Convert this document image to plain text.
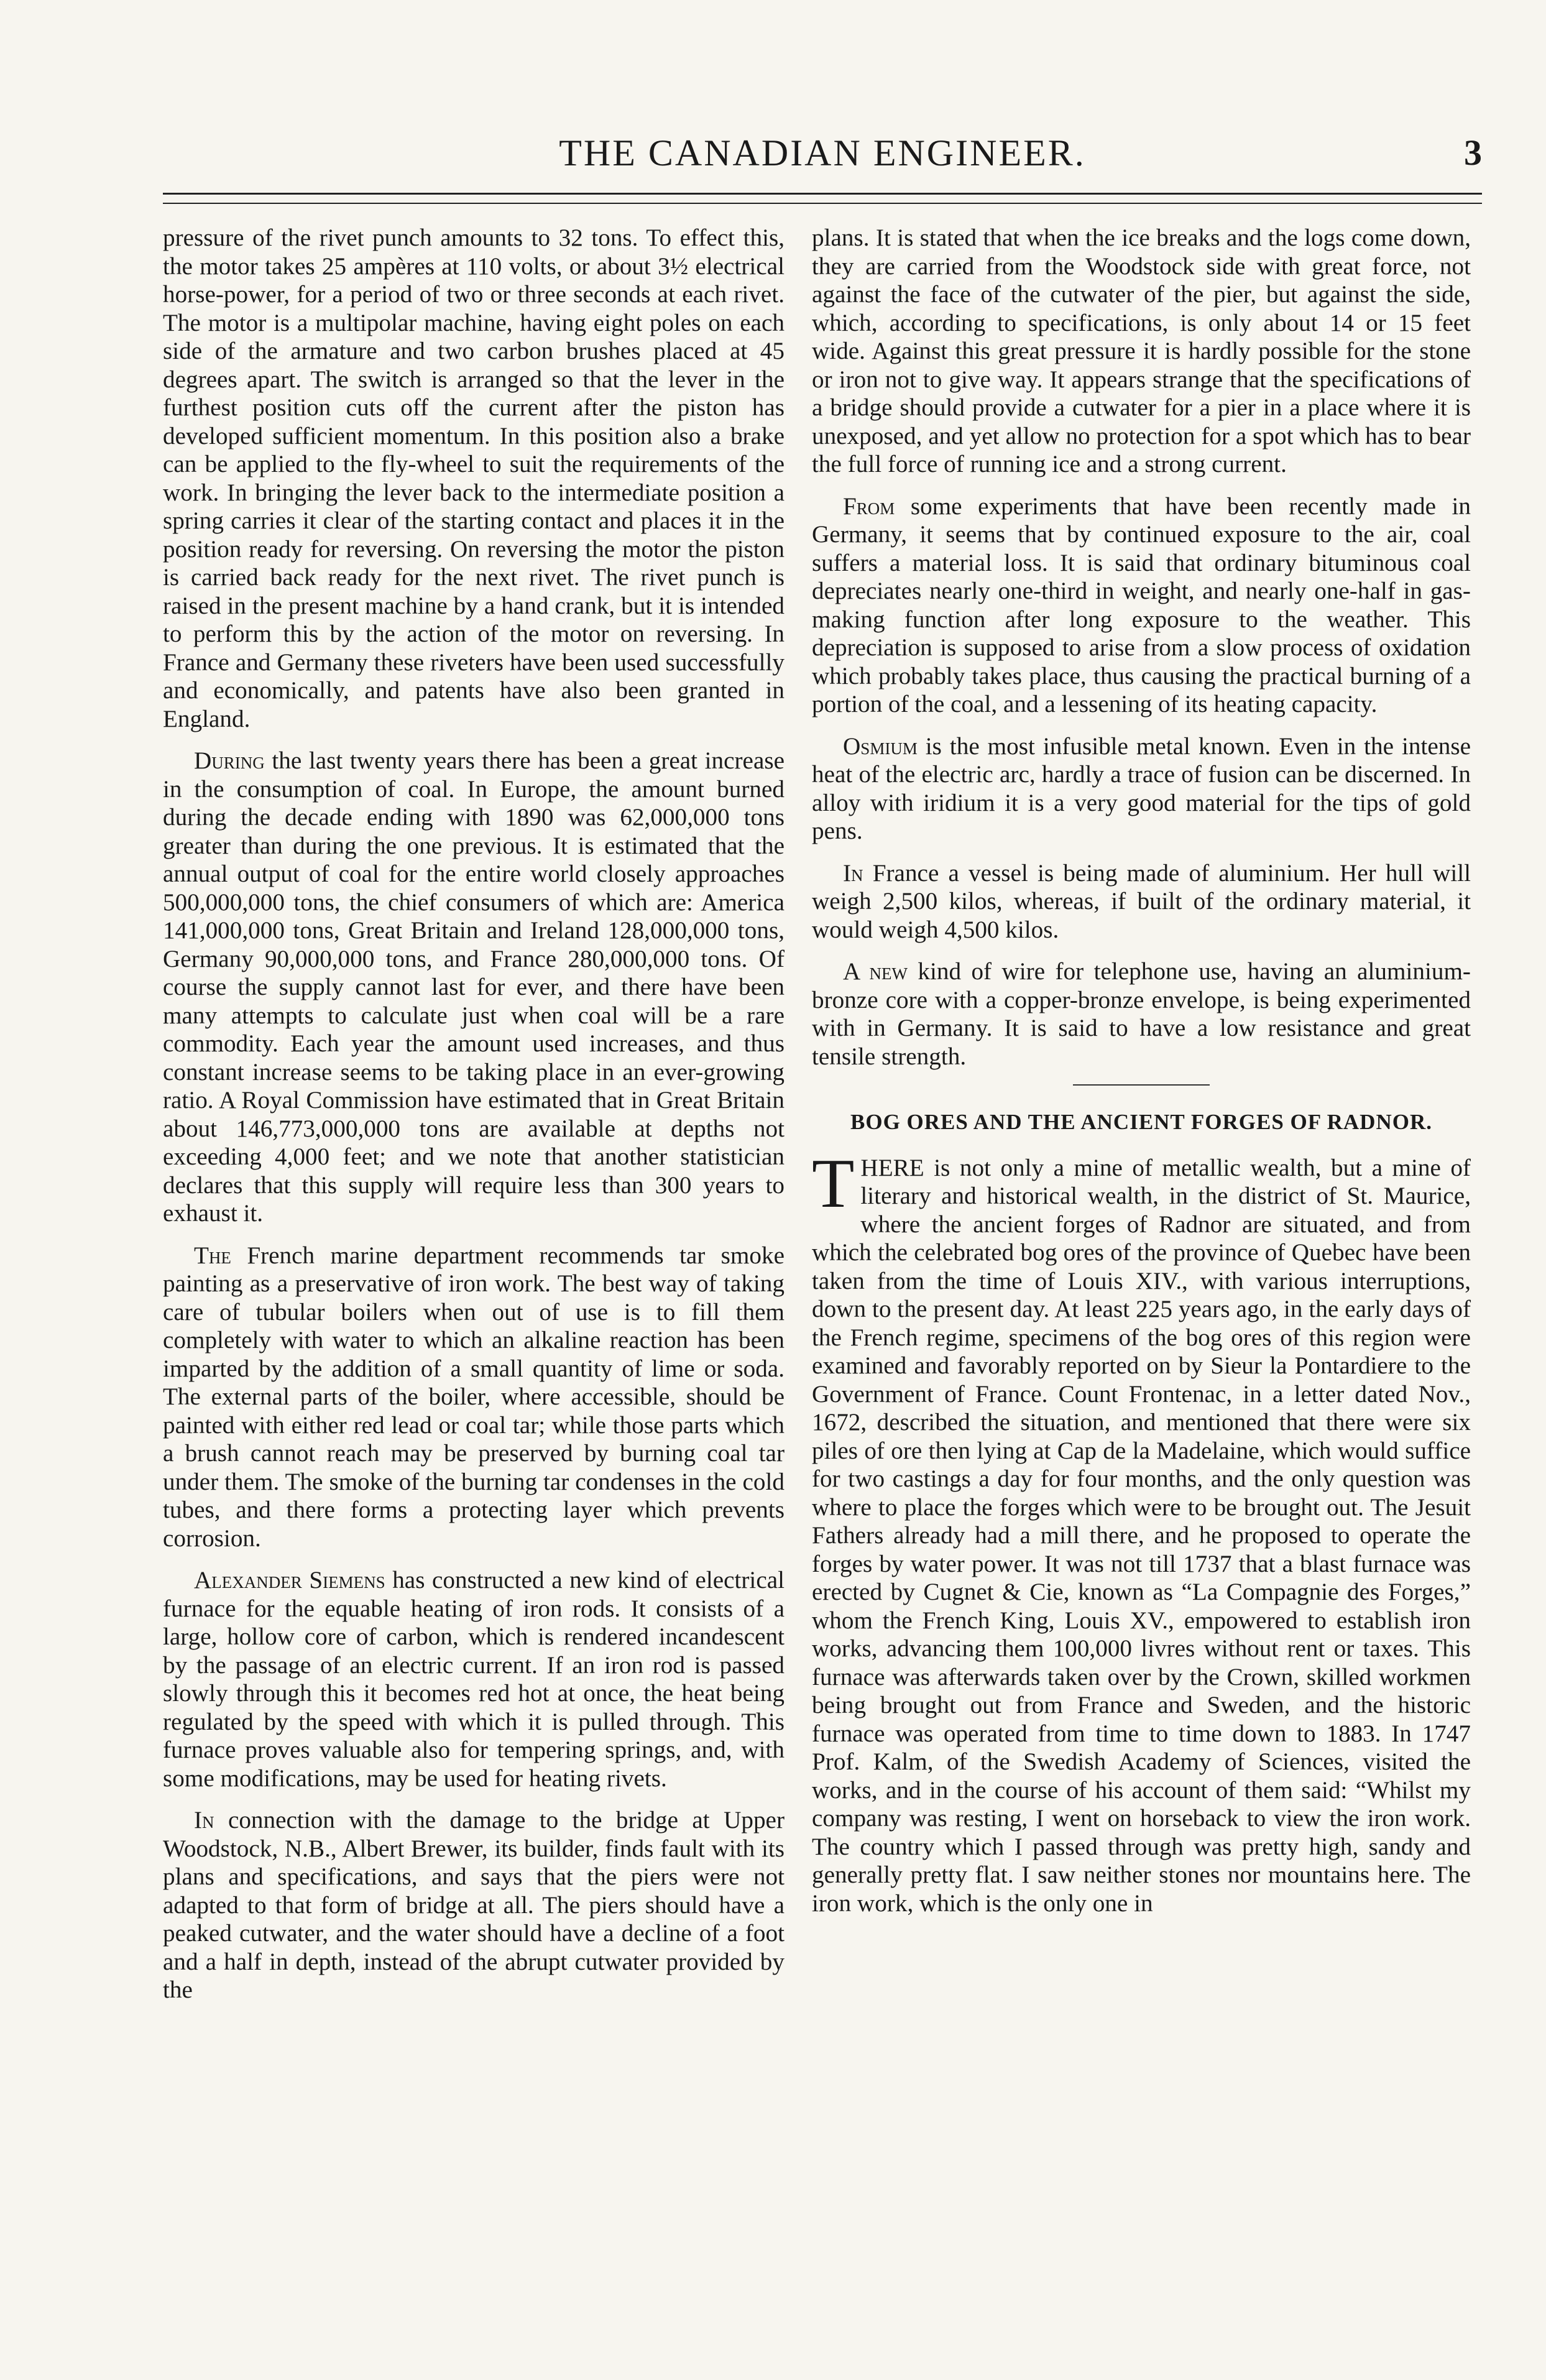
THE CANADIAN ENGINEER.	3

pressure of the rivet punch amounts to 32 tons. To effect this, the motor takes 25 ampères at 110 volts, or about 3½ electrical horse-power, for a period of two or three seconds at each rivet. The motor is a multipolar machine, having eight poles on each side of the armature and two carbon brushes placed at 45 degrees apart. The switch is arranged so that the lever in the furthest position cuts off the current after the piston has developed sufficient momentum. In this position also a brake can be applied to the fly-wheel to suit the requirements of the work. In bringing the lever back to the intermediate position a spring carries it clear of the starting contact and places it in the position ready for reversing. On reversing the motor the piston is carried back ready for the next rivet. The rivet punch is raised in the present machine by a hand crank, but it is intended to perform this by the action of the motor on reversing. In France and Germany these riveters have been used successfully and economically, and patents have also been granted in England.

During the last twenty years there has been a great increase in the consumption of coal. In Europe, the amount burned during the decade ending with 1890 was 62,000,000 tons greater than during the one previous. It is estimated that the annual output of coal for the entire world closely approaches 500,000,000 tons, the chief consumers of which are: America 141,000,000 tons, Great Britain and Ireland 128,000,000 tons, Germany 90,000,000 tons, and France 280,000,000 tons. Of course the supply cannot last for ever, and there have been many attempts to calculate just when coal will be a rare commodity. Each year the amount used increases, and thus constant increase seems to be taking place in an ever-growing ratio. A Royal Commission have estimated that in Great Britain about 146,773,000,000 tons are available at depths not exceeding 4,000 feet; and we note that another statistician declares that this supply will require less than 300 years to exhaust it.

The French marine department recommends tar smoke painting as a preservative of iron work. The best way of taking care of tubular boilers when out of use is to fill them completely with water to which an alkaline reaction has been imparted by the addition of a small quantity of lime or soda. The external parts of the boiler, where accessible, should be painted with either red lead or coal tar; while those parts which a brush cannot reach may be preserved by burning coal tar under them. The smoke of the burning tar condenses in the cold tubes, and there forms a protecting layer which prevents corrosion.

Alexander Siemens has constructed a new kind of electrical furnace for the equable heating of iron rods. It consists of a large, hollow core of carbon, which is rendered incandescent by the passage of an electric current. If an iron rod is passed slowly through this it becomes red hot at once, the heat being regulated by the speed with which it is pulled through. This furnace proves valuable also for tempering springs, and, with some modifications, may be used for heating rivets.

In connection with the damage to the bridge at Upper Woodstock, N.B., Albert Brewer, its builder, finds fault with its plans and specifications, and says that the piers were not adapted to that form of bridge at all. The piers should have a peaked cutwater, and the water should have a decline of a foot and a half in depth, instead of the abrupt cutwater provided by the

plans. It is stated that when the ice breaks and the logs come down, they are carried from the Woodstock side with great force, not against the face of the cutwater of the pier, but against the side, which, according to specifications, is only about 14 or 15 feet wide. Against this great pressure it is hardly possible for the stone or iron not to give way. It appears strange that the specifications of a bridge should provide a cutwater for a pier in a place where it is unexposed, and yet allow no protection for a spot which has to bear the full force of running ice and a strong current.

From some experiments that have been recently made in Germany, it seems that by continued exposure to the air, coal suffers a material loss. It is said that ordinary bituminous coal depreciates nearly one-third in weight, and nearly one-half in gas-making function after long exposure to the weather. This depreciation is supposed to arise from a slow process of oxidation which probably takes place, thus causing the practical burning of a portion of the coal, and a lessening of its heating capacity.

Osmium is the most infusible metal known. Even in the intense heat of the electric arc, hardly a trace of fusion can be discerned. In alloy with iridium it is a very good material for the tips of gold pens.

In France a vessel is being made of aluminium. Her hull will weigh 2,500 kilos, whereas, if built of the ordinary material, it would weigh 4,500 kilos.

A new kind of wire for telephone use, having an aluminium-bronze core with a copper-bronze envelope, is being experimented with in Germany. It is said to have a low resistance and great tensile strength.

BOG ORES AND THE ANCIENT FORGES OF RADNOR.

THERE is not only a mine of metallic wealth, but a mine of literary and historical wealth, in the district of St. Maurice, where the ancient forges of Radnor are situated, and from which the celebrated bog ores of the province of Quebec have been taken from the time of Louis XIV., with various interruptions, down to the present day. At least 225 years ago, in the early days of the French regime, specimens of the bog ores of this region were examined and favorably reported on by Sieur la Pontardiere to the Government of France. Count Frontenac, in a letter dated Nov., 1672, described the situation, and mentioned that there were six piles of ore then lying at Cap de la Madelaine, which would suffice for two castings a day for four months, and the only question was where to place the forges which were to be brought out. The Jesuit Fathers already had a mill there, and he proposed to operate the forges by water power. It was not till 1737 that a blast furnace was erected by Cugnet & Cie, known as “La Compagnie des Forges,” whom the French King, Louis XV., empowered to establish iron works, advancing them 100,000 livres without rent or taxes. This furnace was afterwards taken over by the Crown, skilled workmen being brought out from France and Sweden, and the historic furnace was operated from time to time down to 1883. In 1747 Prof. Kalm, of the Swedish Academy of Sciences, visited the works, and in the course of his account of them said: “Whilst my company was resting, I went on horseback to view the iron work. The country which I passed through was pretty high, sandy and generally pretty flat. I saw neither stones nor mountains here. The iron work, which is the only one in
